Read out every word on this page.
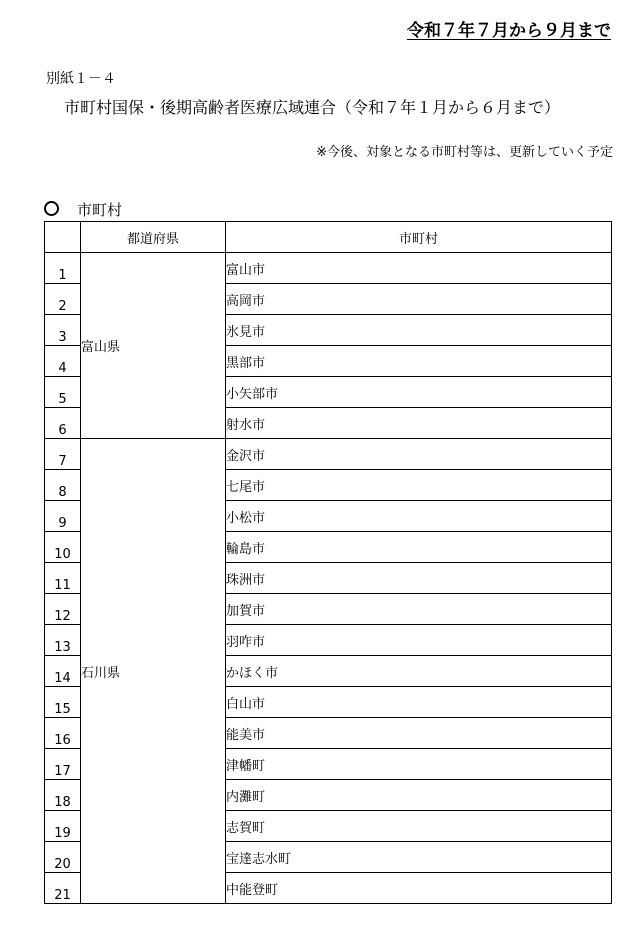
令和７年７月から９月まで
別紙１－４
市町村国保・後期高齢者医療広域連合（令和７年１月から６月まで）
※今後、対象となる市町村等は、更新していく予定
市町村
	都道府県	市町村
1	富山県	富山市
2		高岡市
3		氷見市
4		黒部市
5		小矢部市
6		射水市
7	石川県	金沢市
8		七尾市
9		小松市
10		輪島市
11		珠洲市
12		加賀市
13		羽咋市
14		かほく市
15		白山市
16		能美市
17		津幡町
18		内灘町
19		志賀町
20		宝達志水町
21		中能登町
